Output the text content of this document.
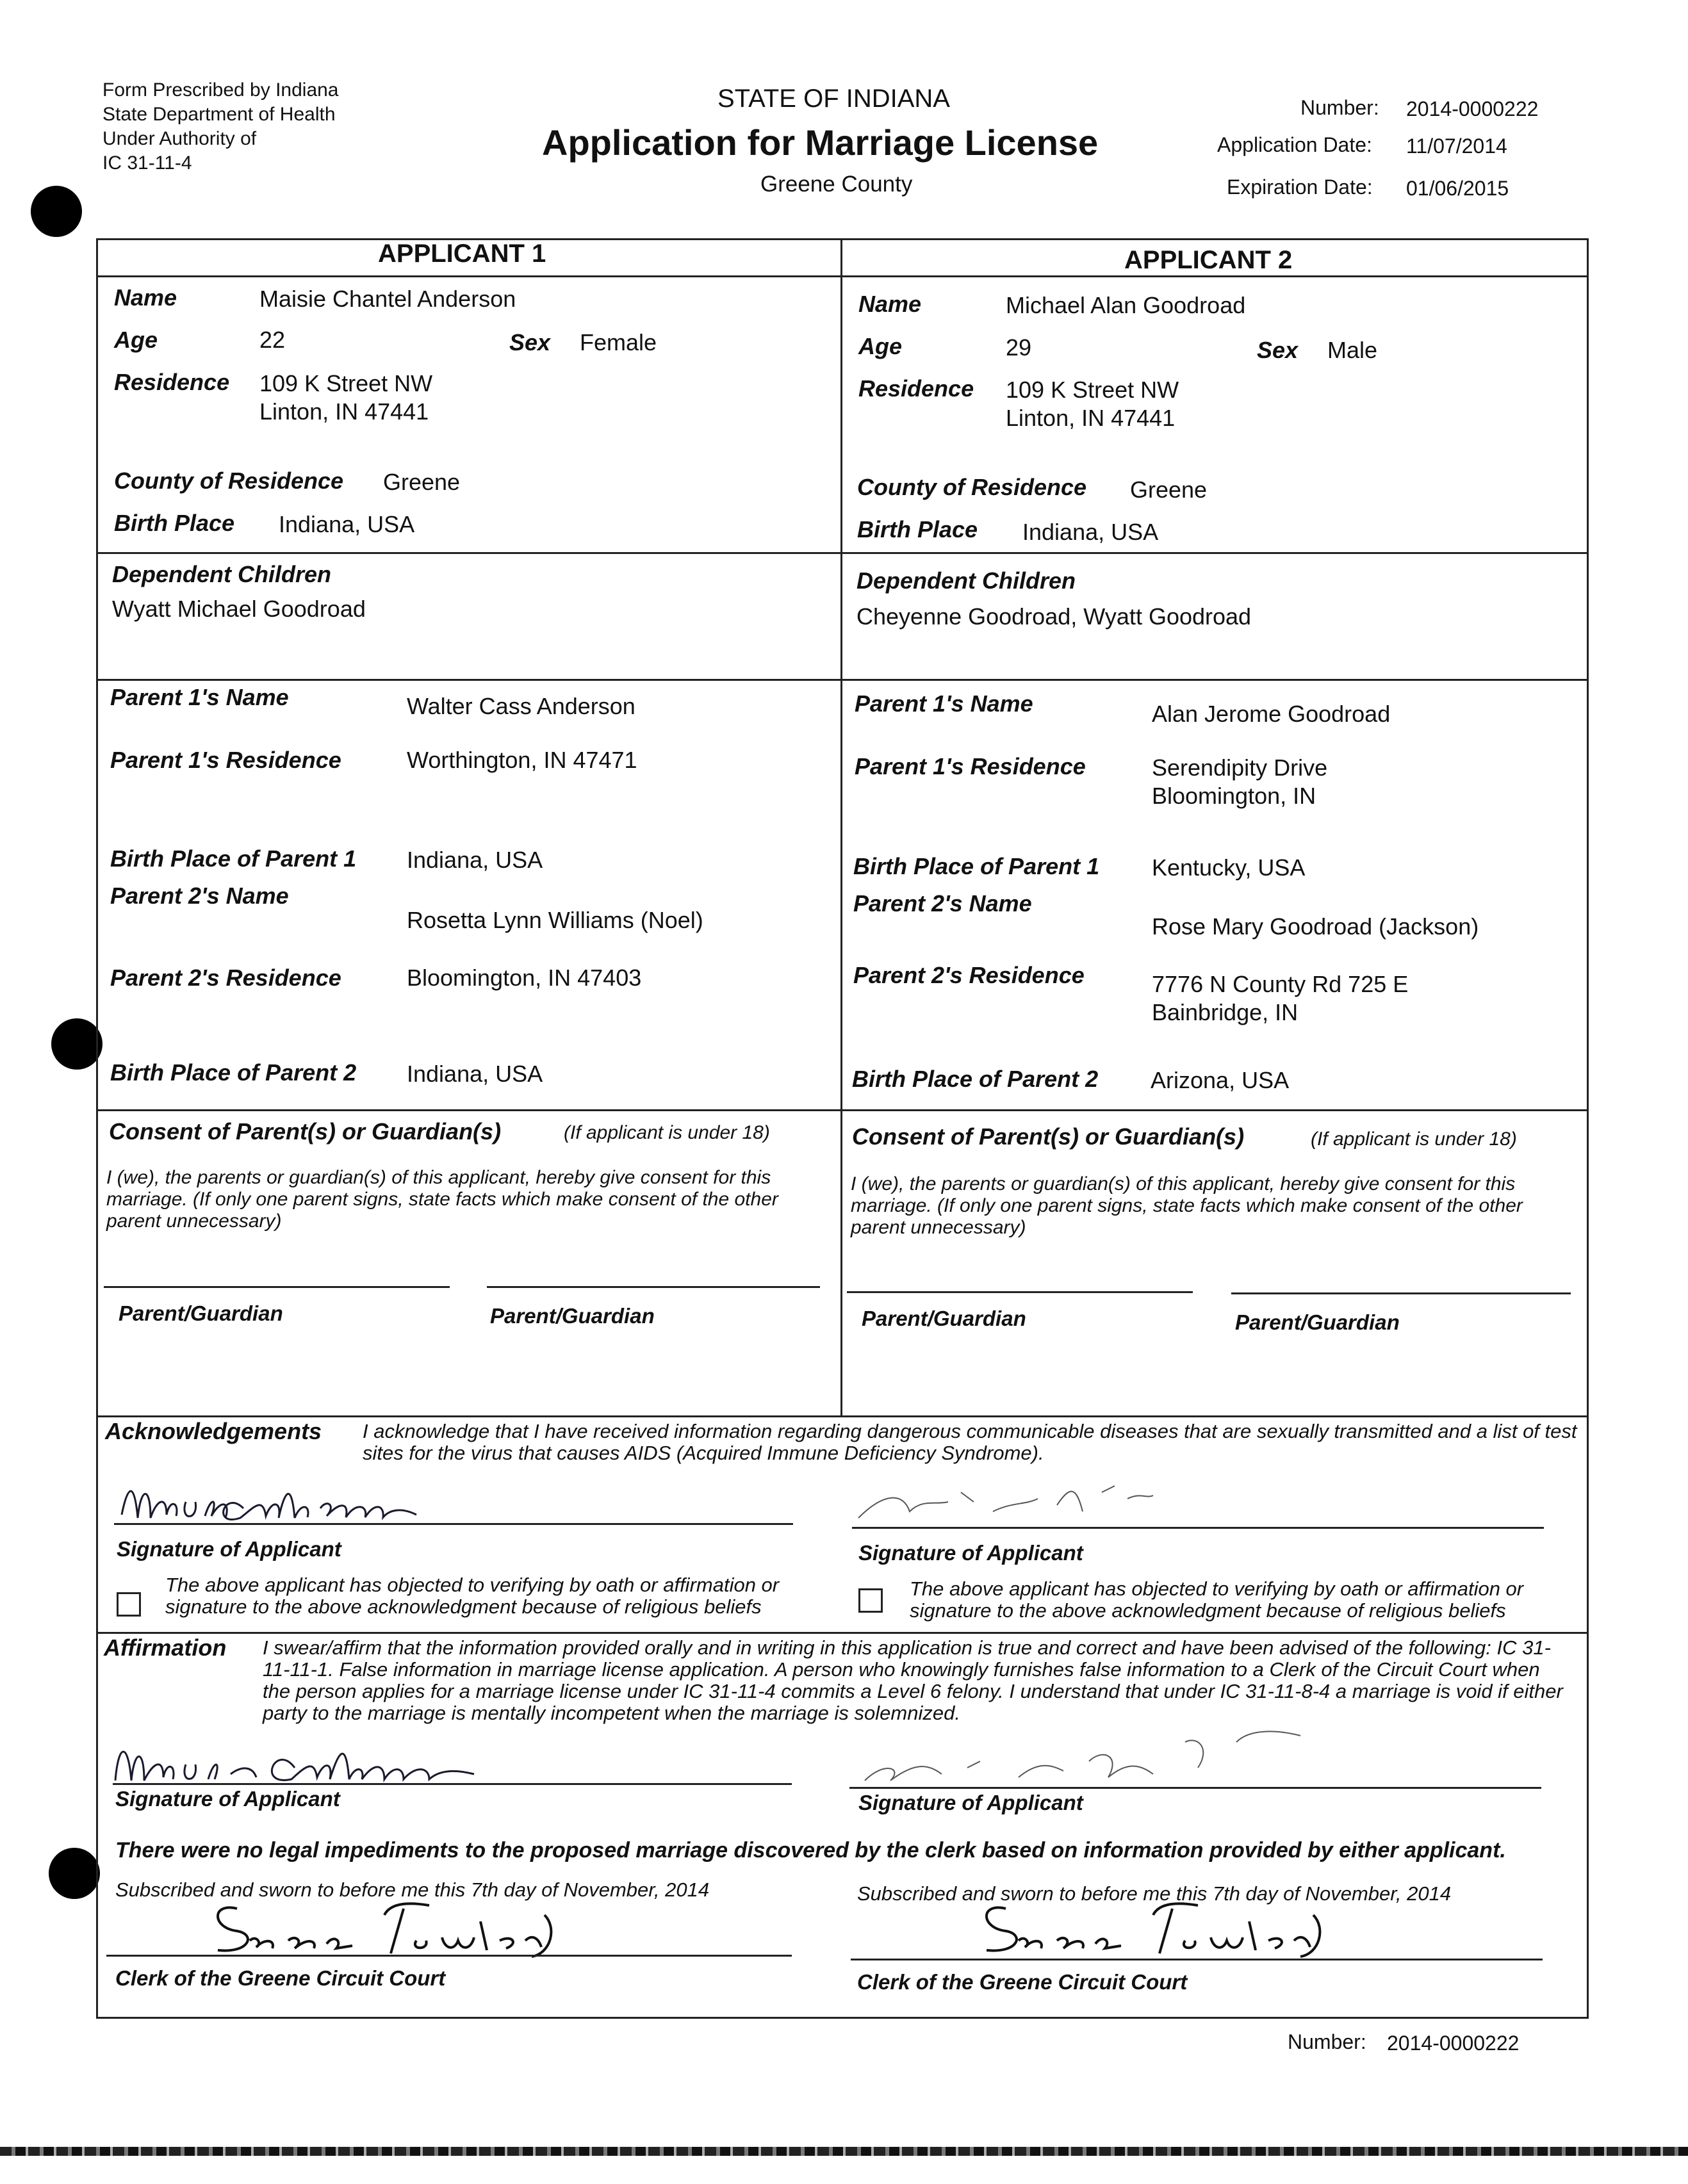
Form Prescribed by Indiana
State Department of Health
Under Authority of
IC 31-11-4
STATE OF INDIANA
Application for Marriage License
Greene County
Number: 2014-0000222
Application Date: 11/07/2014
Expiration Date: 01/06/2015
APPLICANT 1
Name	Maisie Chantel Anderson
Age	22	Sex Female
Residence 109 K Street NW
Linton, IN 47441
County of Residence Greene
Birth Place Indiana, USA
Dependent Children
Wyatt Michael Goodroad
Parent 1's Name	Walter Cass Anderson
Parent 1's Residence	Worthington, IN 47471
Birth Place of Parent 1 Indiana, USA
Parent 2's Name
Rosetta Lynn Williams (Noel)
Parent 2's Residence	Bloomington, IN 47403
Birth Place of Parent 2 Indiana, USA
Consent of Parent(s) or Guardian(s)	(If applicant is under 18)
I (we), the parents or guardian(s) of this applicant, hereby give consent for this marriage. (If only one parent signs, state facts which make consent of the other parent unnecessary)
Parent/Guardian	Parent/Guardian
APPLICANT 2
Name	Michael Alan Goodroad
Age	29	Sex Male
Residence 109 K Street NW
Linton, IN 47441
County of Residence Greene
Birth Place Indiana, USA
Dependent Children
Cheyenne Goodroad, Wyatt Goodroad
Parent 1's Name	Alan Jerome Goodroad
Parent 1's Residence	Serendipity Drive
Bloomington, IN
Birth Place of Parent 1 Kentucky, USA
Parent 2's Name
Rose Mary Goodroad (Jackson)
Parent 2's Residence	7776 N County Rd 725 E
Bainbridge, IN
Birth Place of Parent 2 Arizona, USA
Consent of Parent(s) or Guardian(s)	(If applicant is under 18)
I (we), the parents or guardian(s) of this applicant, hereby give consent for this marriage. (If only one parent signs, state facts which make consent of the other parent unnecessary)
Parent/Guardian	Parent/Guardian
Acknowledgements I acknowledge that I have received information regarding dangerous communicable diseases that are sexually transmitted and a list of test sites for the virus that causes AIDS (Acquired Immune Deficiency Syndrome).
Signature of Applicant	Signature of Applicant
The above applicant has objected to verifying by oath or affirmation or signature to the above acknowledgment because of religious beliefs
The above applicant has objected to verifying by oath or affirmation or signature to the above acknowledgment because of religious beliefs
Affirmation I swear/affirm that the information provided orally and in writing in this application is true and correct and have been advised of the following: IC 31-11-11-1. False information in marriage license application. A person who knowingly furnishes false information to a Clerk of the Circuit Court when the person applies for a marriage license under IC 31-11-4 commits a Level 6 felony. I understand that under IC 31-11-8-4 a marriage is void if either party to the marriage is mentally incompetent when the marriage is solemnized.
Signature of Applicant	Signature of Applicant
There were no legal impediments to the proposed marriage discovered by the clerk based on information provided by either applicant.
Subscribed and sworn to before me this 7th day of November, 2014	Subscribed and sworn to before me this 7th day of November, 2014
Clerk of the Greene Circuit Court	Clerk of the Greene Circuit Court
Number: 2014-0000222
